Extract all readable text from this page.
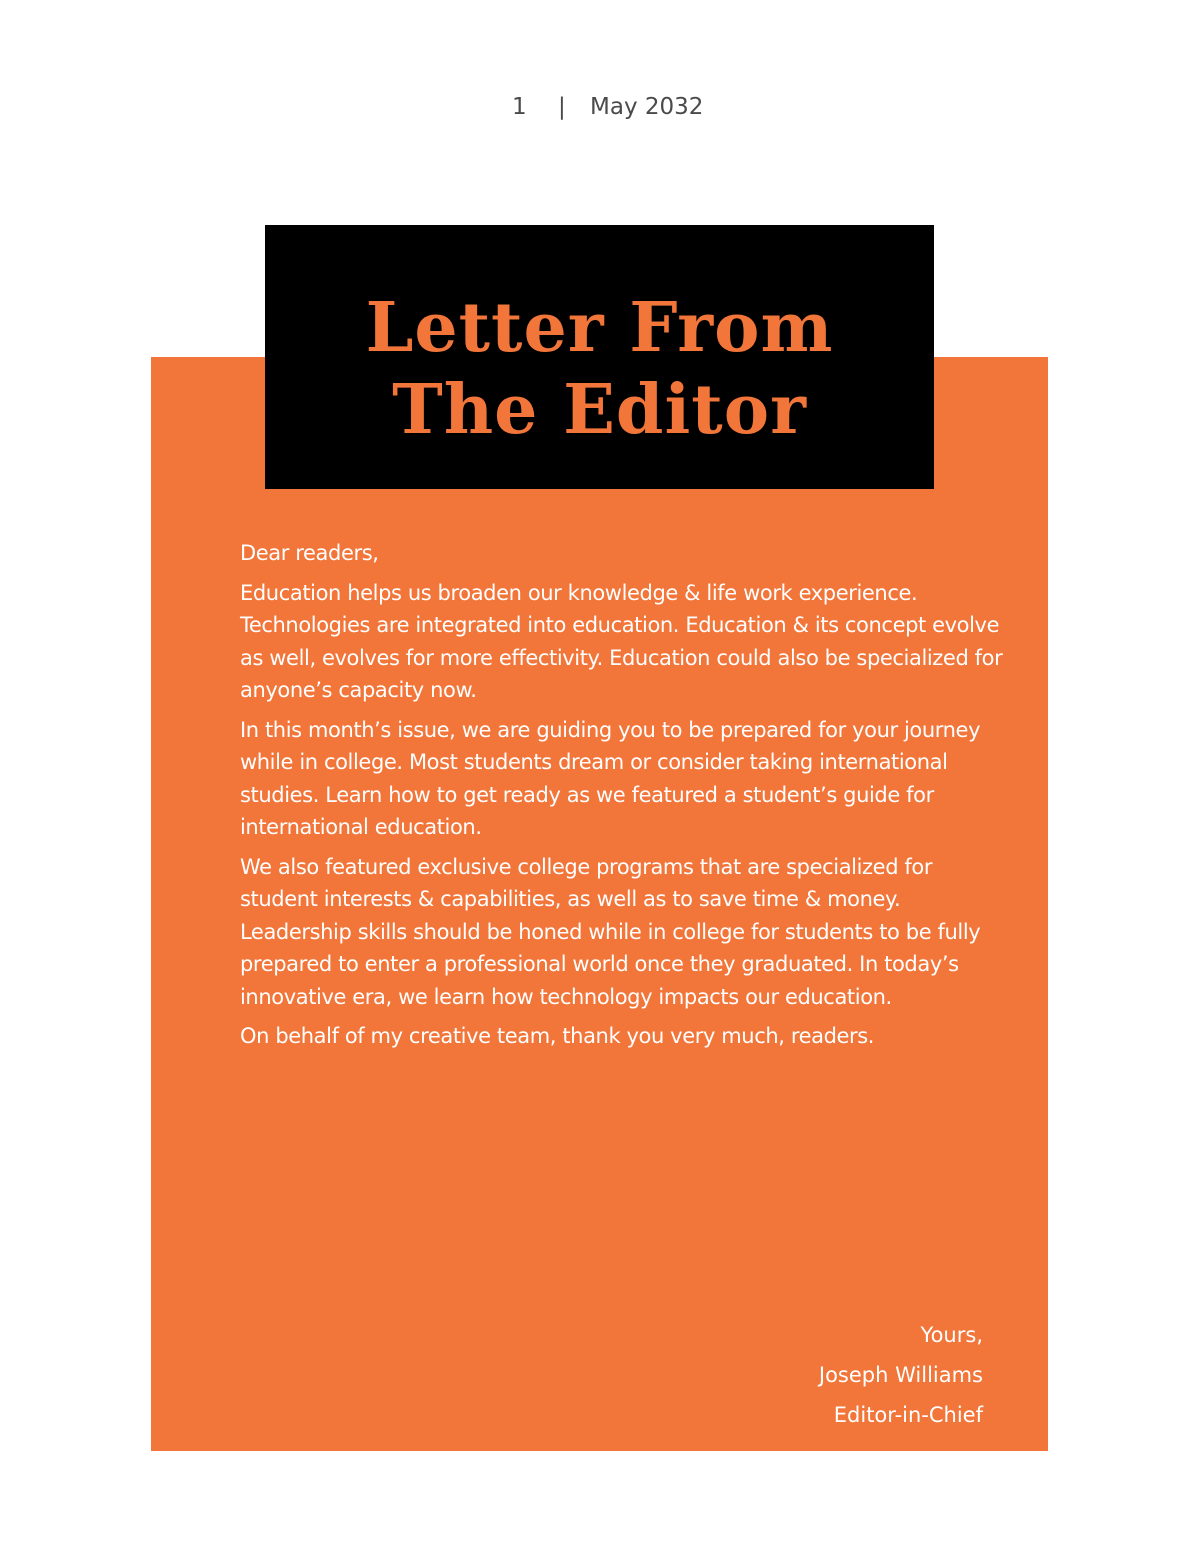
1 | May 2032
Letter From
The Editor

Dear readers,

Education helps us broaden our knowledge & life work experience. Technologies are integrated into education. Education & its concept evolve as well, evolves for more effectivity. Education could also be specialized for anyone’s capacity now.

In this month’s issue, we are guiding you to be prepared for your journey while in college. Most students dream or consider taking international studies. Learn how to get ready as we featured a student’s guide for international education.

We also featured exclusive college programs that are specialized for student interests & capabilities, as well as to save time & money. Leadership skills should be honed while in college for students to be fully prepared to enter a professional world once they graduated. In today’s innovative era, we learn how technology impacts our education.

On behalf of my creative team, thank you very much, readers.

Yours,
Joseph Williams
Editor-in-Chief
